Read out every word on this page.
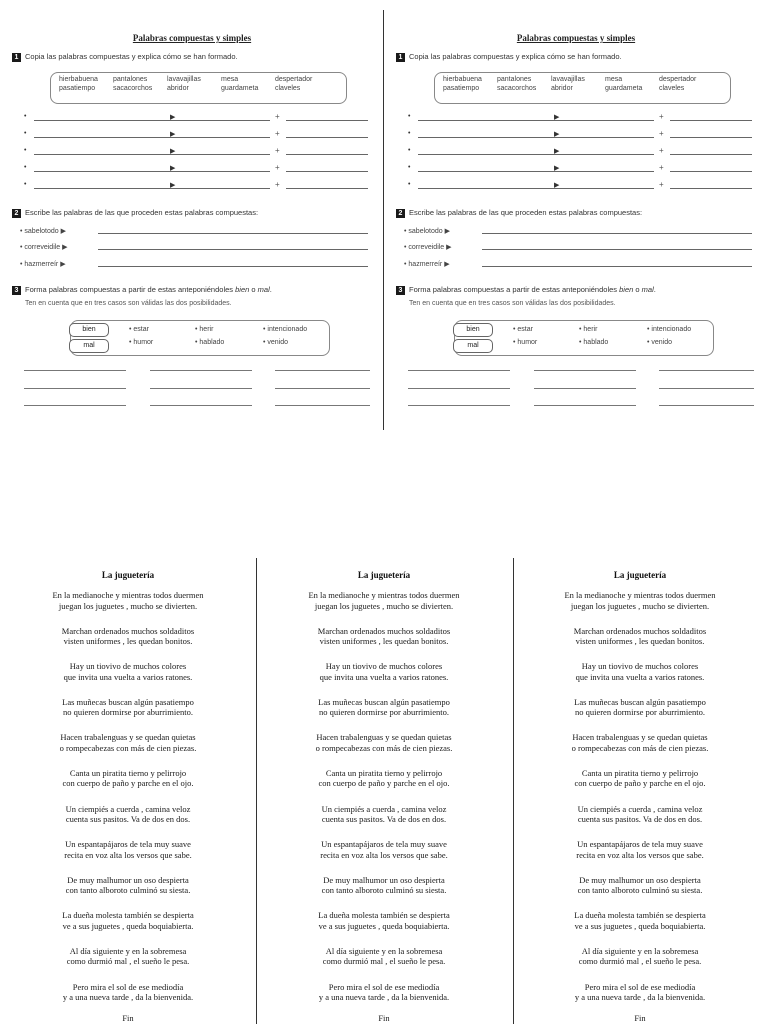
Palabras compuestas y simples
1 Copia las palabras compuestas y explica cómo se han formado.
hierbabuena	pantalones	lavavajillas	mesa	despertador
pasatiempo	sacacorchos	abridor	guardameta	claveles
•	▶	+
•	▶	+
•	▶	+
•	▶	+
•	▶	+
2 Escribe las palabras de las que proceden estas palabras compuestas:
• sabelotodo ▶
• correveidile ▶
• hazmerreír ▶
3 Forma palabras compuestas a partir de estas anteponiéndoles bien o mal.
Ten en cuenta que en tres casos son válidas las dos posibilidades.
bien
mal
• estar
• humor
• herir
• hablado
• intencionado
• venido
Palabras compuestas y simples
1 Copia las palabras compuestas y explica cómo se han formado.
hierbabuena	pantalones	lavavajillas	mesa	despertador
pasatiempo	sacacorchos	abridor	guardameta	claveles
•	▶	+
•	▶	+
•	▶	+
•	▶	+
•	▶	+
2 Escribe las palabras de las que proceden estas palabras compuestas:
• sabelotodo ▶
• correveidile ▶
• hazmerreír ▶
3 Forma palabras compuestas a partir de estas anteponiéndoles bien o mal.
Ten en cuenta que en tres casos son válidas las dos posibilidades.
bien
mal
• estar
• humor
• herir
• hablado
• intencionado
• venido
La juguetería
En la medianoche y mientras todos duermen
juegan los juguetes , mucho se divierten.
Marchan ordenados muchos soldaditos
visten uniformes , les quedan bonitos.
Hay un tiovivo de muchos colores
que invita una vuelta a varios ratones.
Las muñecas buscan algún pasatiempo
no quieren dormirse por aburrimiento.
Hacen trabalenguas y se quedan quietas
o rompecabezas con más de cien piezas.
Canta un piratita tierno y pelirrojo
con cuerpo de paño y parche en el ojo.
Un ciempiés a cuerda , camina veloz
cuenta sus pasitos. Va de dos en dos.
Un espantapájaros de tela muy suave
recita en voz alta los versos que sabe.
De muy malhumor un oso despierta
con tanto alboroto culminó su siesta.
La dueña molesta también se despierta
ve a sus juguetes , queda boquiabierta.
Al día siguiente y en la sobremesa
como durmió mal , el sueño le pesa.
Pero mira el sol de ese mediodía
y a una nueva tarde , da la bienvenida.
Fin
La juguetería
En la medianoche y mientras todos duermen
juegan los juguetes , mucho se divierten.
Marchan ordenados muchos soldaditos
visten uniformes , les quedan bonitos.
Hay un tiovivo de muchos colores
que invita una vuelta a varios ratones.
Las muñecas buscan algún pasatiempo
no quieren dormirse por aburrimiento.
Hacen trabalenguas y se quedan quietas
o rompecabezas con más de cien piezas.
Canta un piratita tierno y pelirrojo
con cuerpo de paño y parche en el ojo.
Un ciempiés a cuerda , camina veloz
cuenta sus pasitos. Va de dos en dos.
Un espantapájaros de tela muy suave
recita en voz alta los versos que sabe.
De muy malhumor un oso despierta
con tanto alboroto culminó su siesta.
La dueña molesta también se despierta
ve a sus juguetes , queda boquiabierta.
Al día siguiente y en la sobremesa
como durmió mal , el sueño le pesa.
Pero mira el sol de ese mediodía
y a una nueva tarde , da la bienvenida.
Fin
La juguetería
En la medianoche y mientras todos duermen
juegan los juguetes , mucho se divierten.
Marchan ordenados muchos soldaditos
visten uniformes , les quedan bonitos.
Hay un tiovivo de muchos colores
que invita una vuelta a varios ratones.
Las muñecas buscan algún pasatiempo
no quieren dormirse por aburrimiento.
Hacen trabalenguas y se quedan quietas
o rompecabezas con más de cien piezas.
Canta un piratita tierno y pelirrojo
con cuerpo de paño y parche en el ojo.
Un ciempiés a cuerda , camina veloz
cuenta sus pasitos. Va de dos en dos.
Un espantapájaros de tela muy suave
recita en voz alta los versos que sabe.
De muy malhumor un oso despierta
con tanto alboroto culminó su siesta.
La dueña molesta también se despierta
ve a sus juguetes , queda boquiabierta.
Al día siguiente y en la sobremesa
como durmió mal , el sueño le pesa.
Pero mira el sol de ese mediodía
y a una nueva tarde , da la bienvenida.
Fin
